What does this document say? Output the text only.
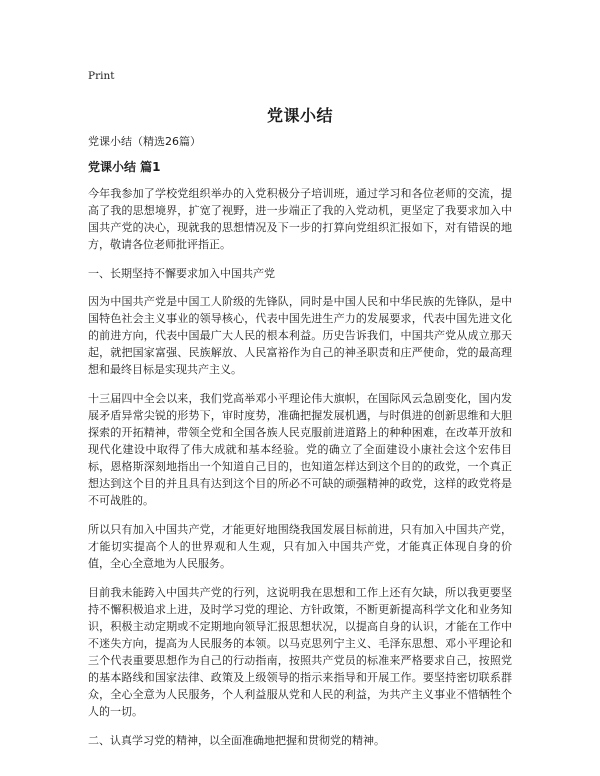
Print
党课小结

党课小结（精选26篇）

党课小结 篇1

今年我参加了学校党组织举办的入党积极分子培训班，通过学习和各位老师的交流，提高了我的思想境界，扩宽了视野，进一步端正了我的入党动机，更坚定了我要求加入中国共产党的决心，现就我的思想情况及下一步的打算向党组织汇报如下，对有错误的地方，敬请各位老师批评指正。

一、长期坚持不懈要求加入中国共产党

因为中国共产党是中国工人阶级的先锋队，同时是中国人民和中华民族的先锋队，是中国特色社会主义事业的领导核心，代表中国先进生产力的发展要求，代表中国先进文化的前进方向，代表中国最广大人民的根本利益。历史告诉我们，中国共产党从成立那天起，就把国家富强、民族解放、人民富裕作为自己的神圣职责和庄严使命，党的最高理想和最终目标是实现共产主义。

十三届四中全会以来，我们党高举邓小平理论伟大旗帜，在国际风云急剧变化，国内发展矛盾异常尖锐的形势下，审时度势，准确把握发展机遇，与时俱进的创新思维和大胆探索的开拓精神，带领全党和全国各族人民克服前进道路上的种种困难，在改革开放和现代化建设中取得了伟大成就和基本经验。党的确立了全面建设小康社会这个宏伟目标，恩格斯深刻地指出一个知道自己目的，也知道怎样达到这个目的的政党，一个真正想达到这个目的并且具有达到这个目的所必不可缺的顽强精神的政党，这样的政党将是不可战胜的。

所以只有加入中国共产党，才能更好地围绕我国发展目标前进，只有加入中国共产党，才能切实提高个人的世界观和人生观，只有加入中国共产党，才能真正体现自身的价值，全心全意地为人民服务。

目前我未能跨入中国共产党的行列，这说明我在思想和工作上还有欠缺，所以我更要坚持不懈积极追求上进，及时学习党的理论、方针政策，不断更新提高科学文化和业务知识，积极主动定期或不定期地向领导汇报思想状况，以提高自身的认识，才能在工作中不迷失方向，提高为人民服务的本领。以马克思列宁主义、毛泽东思想、邓小平理论和三个代表重要思想作为自己的行动指南，按照共产党员的标准来严格要求自己，按照党的基本路线和国家法律、政策及上级领导的指示来指导和开展工作。要坚持密切联系群众，全心全意为人民服务，个人利益服从党和人民的利益，为共产主义事业不惜牺牲个人的一切。

二、认真学习党的精神，以全面准确地把握和贯彻党的精神。
